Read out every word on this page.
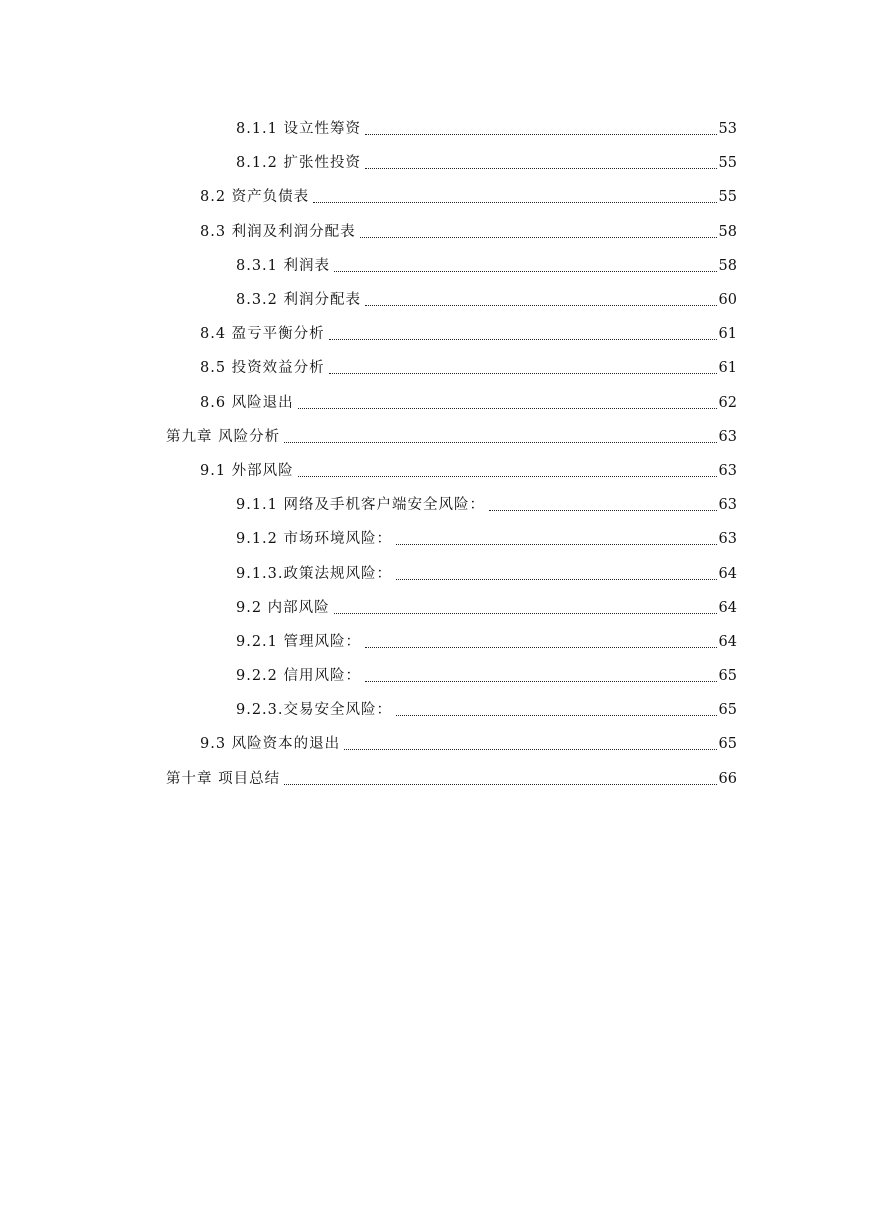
8.1.1 设立性筹资	53
8.1.2 扩张性投资	55
8.2 资产负债表	55
8.3 利润及利润分配表	58
8.3.1 利润表	58
8.3.2 利润分配表	60
8.4 盈亏平衡分析	61
8.5 投资效益分析	61
8.6 风险退出	62
第九章 风险分析	63
9.1 外部风险	63
9.1.1 网络及手机客户端安全风险：	63
9.1.2 市场环境风险：	63
9.1.3.政策法规风险：	64
9.2 内部风险	64
9.2.1 管理风险：	64
9.2.2 信用风险：	65
9.2.3.交易安全风险：	65
9.3 风险资本的退出	65
第十章 项目总结	66
